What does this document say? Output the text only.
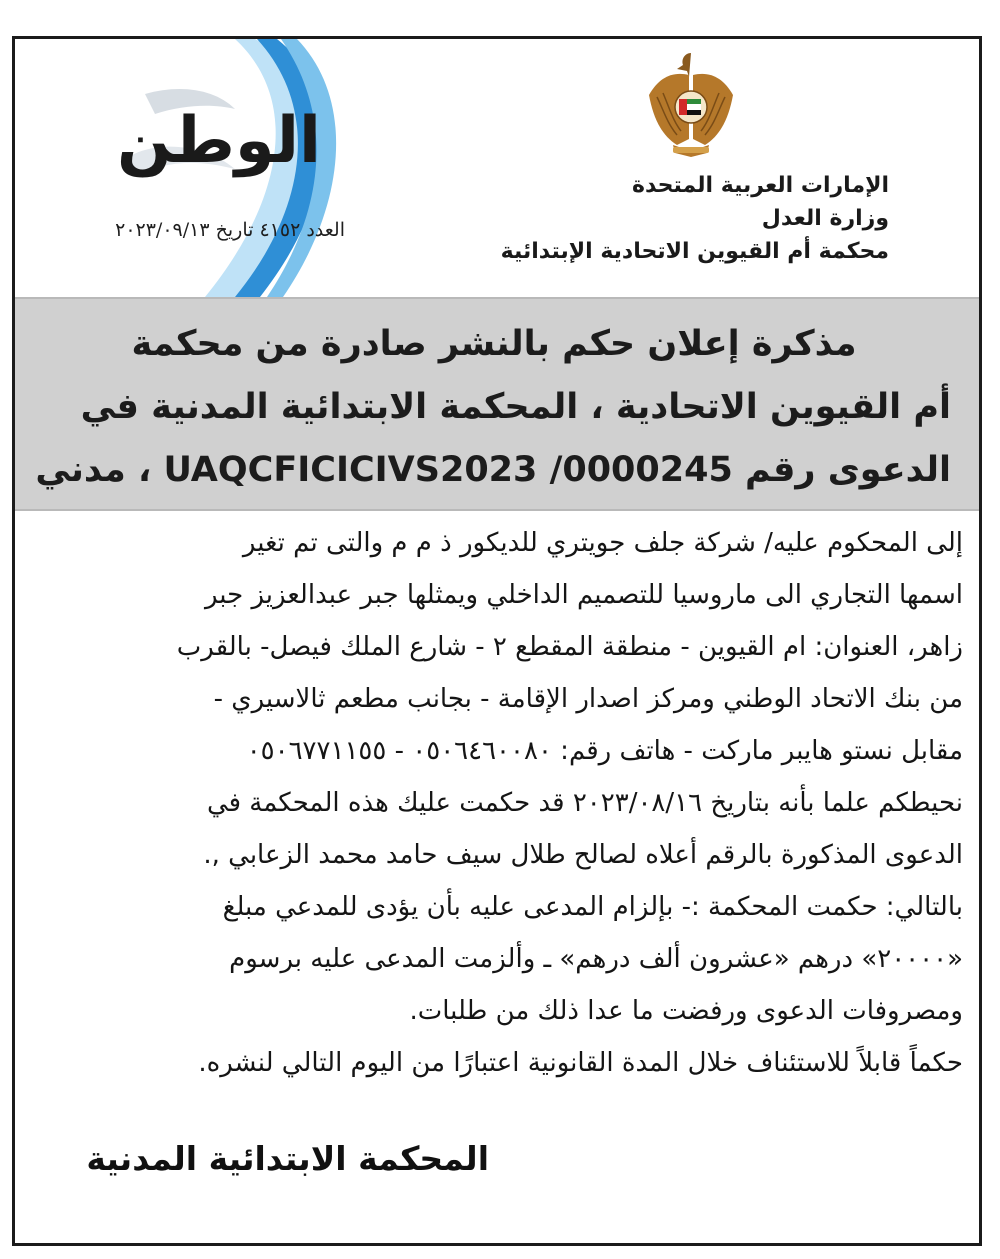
الوطن
العدد ٤١٥٢ تاريخ ٢٠٢٣/٠٩/١٣
الإمارات العربية المتحدة
وزارة العدل
محكمة أم القيوين الاتحادية الإبتدائية
مذكرة إعلان حكم بالنشر صادرة من محكمة
أم القيوين الاتحادية ، المحكمة الابتدائية المدنية في
الدعوى رقم UAQCFICICIVS2023 /0000245 ، مدني
إلى المحكوم عليه/ شركة جلف جويتري للديكور ذ م م والتى تم تغير
اسمها التجاري الى ماروسيا للتصميم الداخلي ويمثلها جبر عبدالعزيز جبر
زاهر، العنوان: ام القيوين - منطقة المقطع ٢ - شارع الملك فيصل- بالقرب
من بنك الاتحاد الوطني ومركز اصدار الإقامة - بجانب مطعم ثالاسيري -
مقابل نستو هايبر ماركت - هاتف رقم: ٠٥٠٦٤٦٠٠٨٠ - ٠٥٠٦٧٧١١٥٥
نحيطكم علما بأنه بتاريخ ٢٠٢٣/٠٨/١٦ قد حكمت عليك هذه المحكمة في
الدعوى المذكورة بالرقم أعلاه لصالح طلال سيف حامد محمد الزعابي ,.
بالتالي: حكمت المحكمة :- بإلزام المدعى عليه بأن يؤدى للمدعي مبلغ
«٢٠٠٠٠» درهم «عشرون ألف درهم» ـ وألزمت المدعى عليه برسوم
ومصروفات الدعوى ورفضت ما عدا ذلك من طلبات.
حكماً قابلاً للاستئناف خلال المدة القانونية اعتبارًا من اليوم التالي لنشره.
المحكمة الابتدائية المدنية
